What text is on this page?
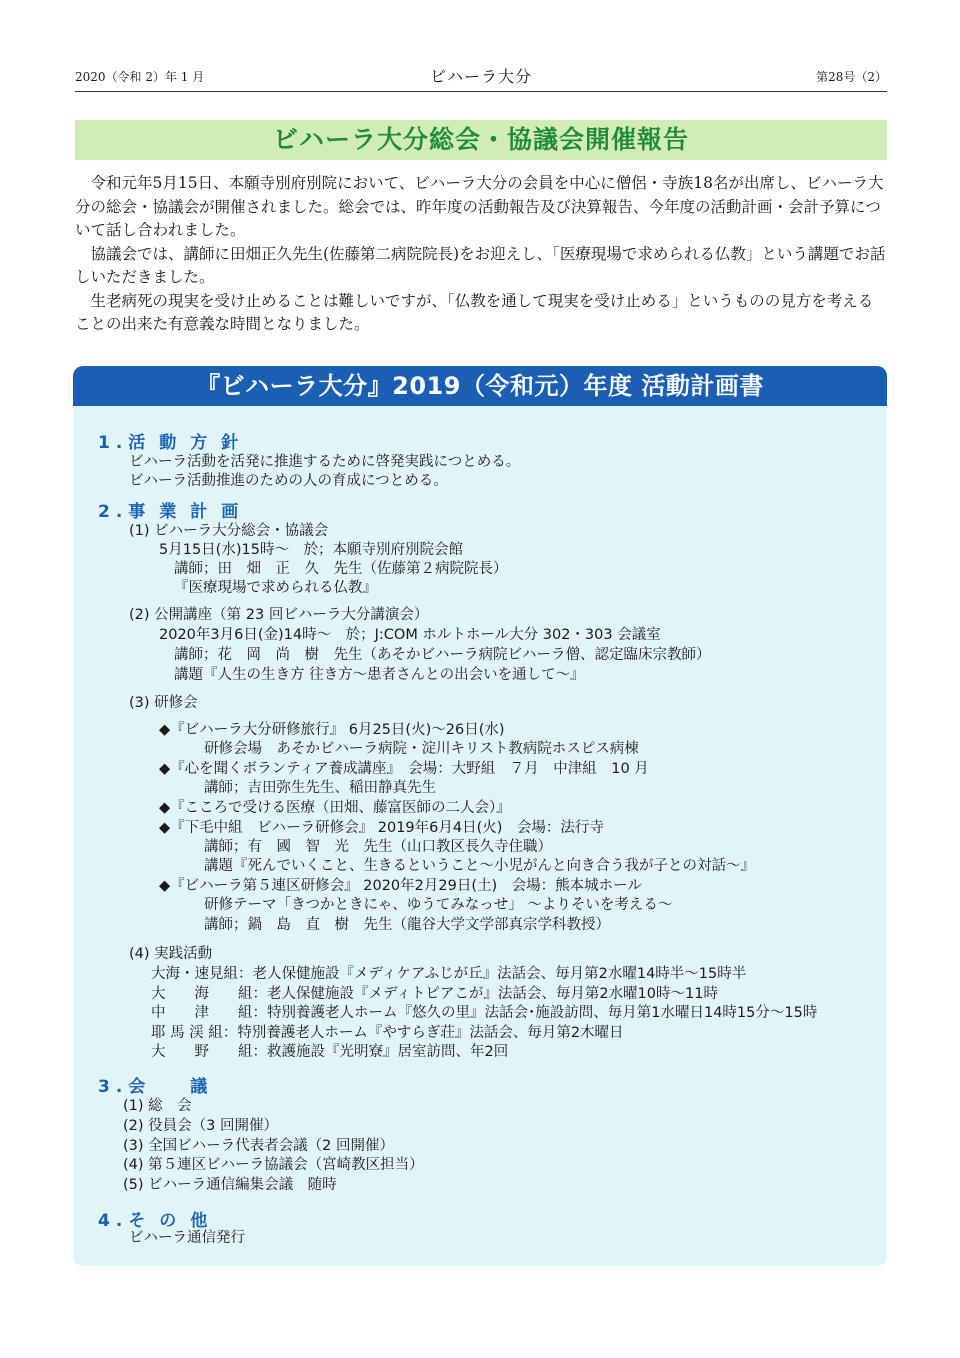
2020（令和 2）年 1 月	ビハーラ大分	第28号（2）
ビハーラ大分総会・協議会開催報告

令和元年5月15日、本願寺別府別院において、ビハーラ大分の会員を中心に僧侶・寺族18名が出席し、ビハーラ大分の総会・協議会が開催されました。総会では、昨年度の活動報告及び決算報告、今年度の活動計画・会計予算について話し合われました。

協議会では、講師に田畑正久先生(佐藤第二病院院長)をお迎えし、「医療現場で求められる仏教」という講題でお話しいただきました。

生老病死の現実を受け止めることは難しいですが、「仏教を通して現実を受け止める」というものの見方を考えることの出来た有意義な時間となりました。

『ビハーラ大分』2019（令和元）年度 活動計画書
1.活動方針
ビハーラ活動を活発に推進するために啓発実践につとめる。
ビハーラ活動推進のための人の育成につとめる。
2.事業計画
(1) ビハーラ大分総会・協議会
5月15日(水)15時～　於；本願寺別府別院会館
講師；田　畑　正　久　先生（佐藤第２病院院長）
『医療現場で求められる仏教』
(2) 公開講座（第 23 回ビハーラ大分講演会）
2020年3月6日(金)14時～　於；J:COM ホルトホール大分 302・303 会議室
講師；花　岡　尚　樹　先生（あそかビハーラ病院ビハーラ僧、認定臨床宗教師）
講題『人生の生き方 往き方～患者さんとの出会いを通して～』
(3) 研修会
◆『ビハーラ大分研修旅行』 6月25日(火)～26日(水)
研修会場　あそかビハーラ病院・淀川キリスト教病院ホスピス病棟
◆『心を聞くボランティア養成講座』　会場：大野組　７月　中津組　10 月
講師；吉田弥生先生、稲田静真先生
◆『こころで受ける医療（田畑、藤富医師の二人会）』
◆『下毛中組　ビハーラ研修会』 2019年6月4日(火)　会場：法行寺
講師；有　國　智　光　先生（山口教区長久寺住職）
講題『死んでいくこと、生きるということ～小児がんと向き合う我が子との対話～』
◆『ビハーラ第５連区研修会』 2020年2月29日(土)　会場：熊本城ホール
研修テーマ「きつかときにゃ、ゆうてみなっせ」 ～よりそいを考える～
講師；鍋　島　直　樹　先生（龍谷大学文学部真宗学科教授）
(4) 実践活動
大海・速見組：老人保健施設『メディケアふじが丘』法話会、毎月第2水曜14時半～15時半
大　　海　　組：老人保健施設『メディトピアこが』法話会、毎月第2水曜10時～11時
中　　津　　組：特別養護老人ホーム『悠久の里』法話会･施設訪問、毎月第1水曜日14時15分～15時
耶 馬 渓 組：特別養護老人ホーム『やすらぎ荘』法話会、毎月第2木曜日
大　　野　　組：救護施設『光明寮』居室訪問、年2回
3.会　議
(1) 総　会
(2) 役員会（3 回開催）
(3) 全国ビハーラ代表者会議（2 回開催）
(4) 第５連区ビハーラ協議会（宮崎教区担当）
(5) ビハーラ通信編集会議　随時
4.その他
ビハーラ通信発行
